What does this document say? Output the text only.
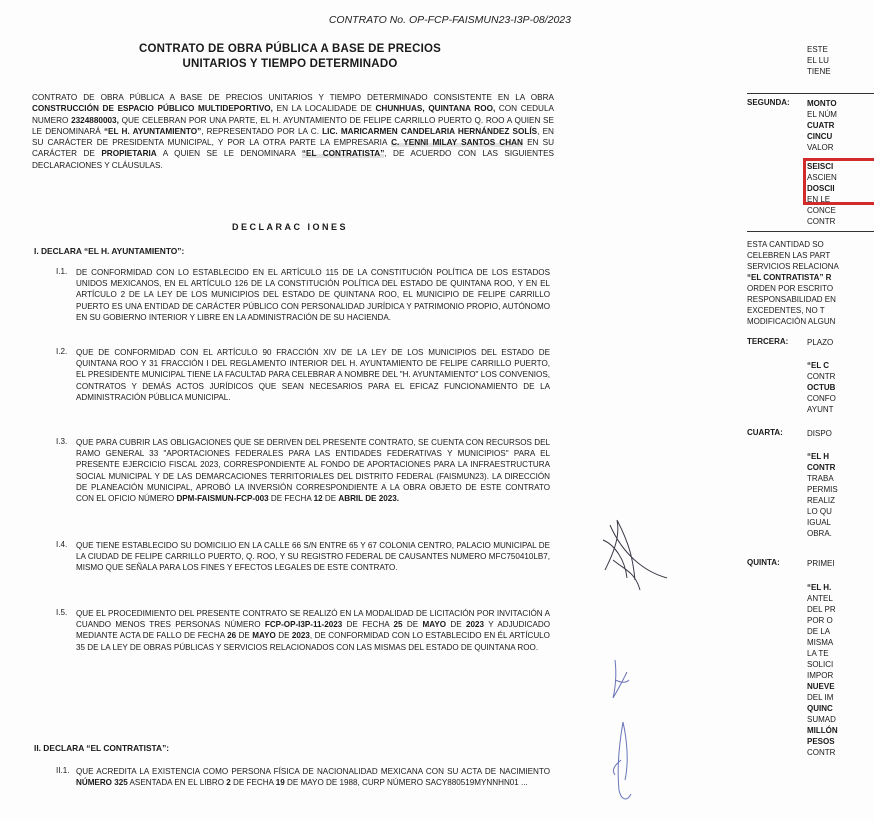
CONTRATO No. OP-FCP-FAISMUN23-I3P-08/2023
CONTRATO DE OBRA PÚBLICA A BASE DE PRECIOS
UNITARIOS Y TIEMPO DETERMINADO
CONTRATO DE OBRA PÚBLICA A BASE DE PRECIOS UNITARIOS Y TIEMPO DETERMINADO CONSISTENTE EN LA OBRA CONSTRUCCIÓN DE ESPACIO PÚBLICO MULTIDEPORTIVO, EN LA LOCALIDADE DE CHUNHUAS, QUINTANA ROO, CON CEDULA NUMERO 2324880003, QUE CELEBRAN POR UNA PARTE, EL H. AYUNTAMIENTO DE FELIPE CARRILLO PUERTO Q. ROO A QUIEN SE LE DENOMINARÁ “EL H. AYUNTAMIENTO”, REPRESENTADO POR LA C. LIC. MARICARMEN CANDELARIA HERNÁNDEZ SOLÍS, EN SU CARÁCTER DE PRESIDENTA MUNICIPAL, Y POR LA OTRA PARTE LA EMPRESARIA C. YENNI MILAY SANTOS CHAN EN SU CARÁCTER DE PROPIETARIA A QUIEN SE LE DENOMINARA “EL CONTRATISTA”, DE ACUERDO CON LAS SIGUIENTES DECLARACIONES Y CLÁUSULAS.
DECLARAC IONES
I. DECLARA “EL H. AYUNTAMIENTO”:
I.1. DE CONFORMIDAD CON LO ESTABLECIDO EN EL ARTÍCULO 115 DE LA CONSTITUCIÓN POLÍTICA DE LOS ESTADOS UNIDOS MEXICANOS, EN EL ARTÍCULO 126 DE LA CONSTITUCIÓN POLÍTICA DEL ESTADO DE QUINTANA ROO, Y EN EL ARTÍCULO 2 DE LA LEY DE LOS MUNICIPIOS DEL ESTADO DE QUINTANA ROO, EL MUNICIPIO DE FELIPE CARRILLO PUERTO ES UNA ENTIDAD DE CARÁCTER PÚBLICO CON PERSONALIDAD JURÍDICA Y PATRIMONIO PROPIO, AUTÓNOMO EN SU GOBIERNO INTERIOR Y LIBRE EN LA ADMINISTRACIÓN DE SU HACIENDA.
I.2. QUE DE CONFORMIDAD CON EL ARTÍCULO 90 FRACCIÓN XIV DE LA LEY DE LOS MUNICIPIOS DEL ESTADO DE QUINTANA ROO Y 31 FRACCIÓN I DEL REGLAMENTO INTERIOR DEL H. AYUNTAMIENTO DE FELIPE CARRILLO PUERTO, EL PRESIDENTE MUNICIPAL TIENE LA FACULTAD PARA CELEBRAR A NOMBRE DEL "H. AYUNTAMIENTO" LOS CONVENIOS, CONTRATOS Y DEMÁS ACTOS JURÍDICOS QUE SEAN NECESARIOS PARA EL EFICAZ FUNCIONAMIENTO DE LA ADMINISTRACIÓN PÚBLICA MUNICIPAL.
I.3. QUE PARA CUBRIR LAS OBLIGACIONES QUE SE DERIVEN DEL PRESENTE CONTRATO, SE CUENTA CON RECURSOS DEL RAMO GENERAL 33 "APORTACIONES FEDERALES PARA LAS ENTIDADES FEDERATIVAS Y MUNICIPIOS" PARA EL PRESENTE EJERCICIO FISCAL 2023, CORRESPONDIENTE AL FONDO DE APORTACIONES PARA LA INFRAESTRUCTURA SOCIAL MUNICIPAL Y DE LAS DEMARCACIONES TERRITORIALES DEL DISTRITO FEDERAL (FAISMUN23). LA DIRECCIÓN DE PLANEACIÓN MUNICIPAL, APROBÓ LA INVERSIÓN CORRESPONDIENTE A LA OBRA OBJETO DE ESTE CONTRATO CON EL OFICIO NÚMERO DPM-FAISMUN-FCP-003 DE FECHA 12 DE ABRIL DE 2023.
I.4. QUE TIENE ESTABLECIDO SU DOMICILIO EN LA CALLE 66 S/N ENTRE 65 Y 67 COLONIA CENTRO, PALACIO MUNICIPAL DE LA CIUDAD DE FELIPE CARRILLO PUERTO, Q. ROO, Y SU REGISTRO FEDERAL DE CAUSANTES NUMERO MFC750410LB7, MISMO QUE SEÑALA PARA LOS FINES Y EFECTOS LEGALES DE ESTE CONTRATO.
I.5. QUE EL PROCEDIMIENTO DEL PRESENTE CONTRATO SE REALIZÓ EN LA MODALIDAD DE LICITACIÓN POR INVITACIÓN A CUANDO MENOS TRES PERSONAS NÚMERO FCP-OP-I3P-11-2023 DE FECHA 25 DE MAYO DE 2023 Y ADJUDICADO MEDIANTE ACTA DE FALLO DE FECHA 26 DE MAYO DE 2023, DE CONFORMIDAD CON LO ESTABLECIDO EN ÉL ARTÍCULO 35 DE LA LEY DE OBRAS PÚBLICAS Y SERVICIOS RELACIONADOS CON LAS MISMAS DEL ESTADO DE QUINTANA ROO.
II. DECLARA “EL CONTRATISTA”:
II.1. QUE ACREDITA LA EXISTENCIA COMO PERSONA FÍSICA DE NACIONALIDAD MEXICANA CON SU ACTA DE NACIMIENTO NÚMERO 325 ASENTADA EN EL LIBRO 2 DE FECHA 19 DE MAYO DE 1988, CURP NÚMERO SACY880519MYNNHN01 ...
ESTE
EL LU
TIENE
SEGUNDA: MONTO
EL NÚM
CUATR
CINCU
VALOR
SEISCI
ASCIEN
DOSCII
EN LE
CONCE
CONTR
ESTA CANTIDAD SO
CELEBREN LAS PART
SERVICIOS RELACIONA
“EL CONTRATISTA” R
ORDEN POR ESCRITO
RESPONSABILIDAD EN
EXCEDENTES, NO T
MODIFICACIÓN ALGUN
TERCERA: PLAZO
“EL C
CONTR
OCTUB
CONFO
AYUNT
CUARTA:	DISPO
“EL H
CONTR
TRABA
PERMIS
REALIZ
LO QU
IGUAL
OBRA.
QUINTA:	PRIMEI
“EL H.
ANTEL
DEL PR
POR O
DE LA
MISMA
LA TE
SOLICI
IMPOR
NUEVE
DEL IM
QUINC
SUMAD
MILLÓN
PESOS
CONTR
